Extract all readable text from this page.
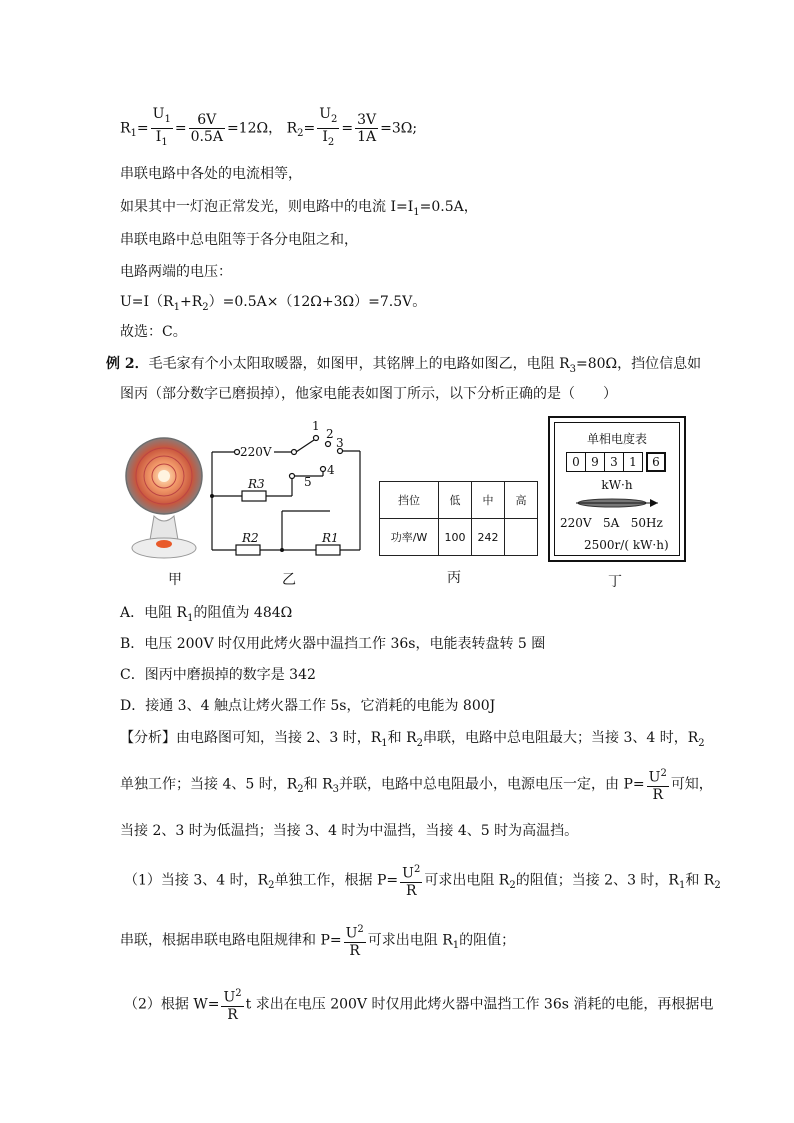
$R_1= \frac{U_1}{I_1} = \frac{6V}{0.5A} =12\Omega$， $R_2= \frac{U_2}{I_2} = \frac{3V}{1A} =3\Omega$;
串联电路中各处的电流相等，
如果其中一灯泡正常发光，则电路中的电流 $I=I_1=0.5A$，
串联电路中总电阻等于各分电阻之和，
电路两端的电压：
$U=I(R_1+R_2)=0.5A\times(12\Omega+3\Omega)=7.5V$。
故选：C。
例 2．毛毛家有个小太阳取暖器，如图甲，其铭牌上的电路如图乙，电阻 $R_3=80\Omega$，挡位信息如
图丙（部分数字已磨损掉），他家电能表如图丁所示，以下分析正确的是（　　）
220V
1
2
3
4
5
R3
R2	R1
挡位	低	中	高
功率/W	100	242	
单相电度表
0 9 3 1	6
kW·h
220V   5A   50Hz
2500r/( kW·h)
甲	乙	丙	丁
A．电阻 $R_1$的阻值为 484Ω
B．电压 200V 时仅用此烤火器中温挡工作 36s，电能表转盘转 5 圈
C．图丙中磨损掉的数字是 342
D．接通 3、4 触点让烤火器工作 5s，它消耗的电能为 800J
【分析】由电路图可知，当接 2、3 时，$R_1$和 $R_2$串联，电路中总电阻最大；当接 3、4 时，$R_2$
单独工作；当接 4、5 时，$R_2$和 $R_3$并联，电路中总电阻最小，电源电压一定，由 $P= \frac{U^2}{R}$ 可知，
当接 2、3 时为低温挡；当接 3、4 时为中温挡，当接 4、5 时为高温挡。
（1）当接 3、4 时，$R_2$单独工作，根据 $P= \frac{U^2}{R}$ 可求出电阻 $R_2$的阻值；当接 2、3 时，$R_1$和 $R_2$
串联，根据串联电路电阻规律和 $P= \frac{U^2}{R}$ 可求出电阻 $R_1$的阻值；
（2）根据 $W= \frac{U^2}{R}$ t 求出在电压 200V 时仅用此烤火器中温挡工作 36s 消耗的电能，再根据电
